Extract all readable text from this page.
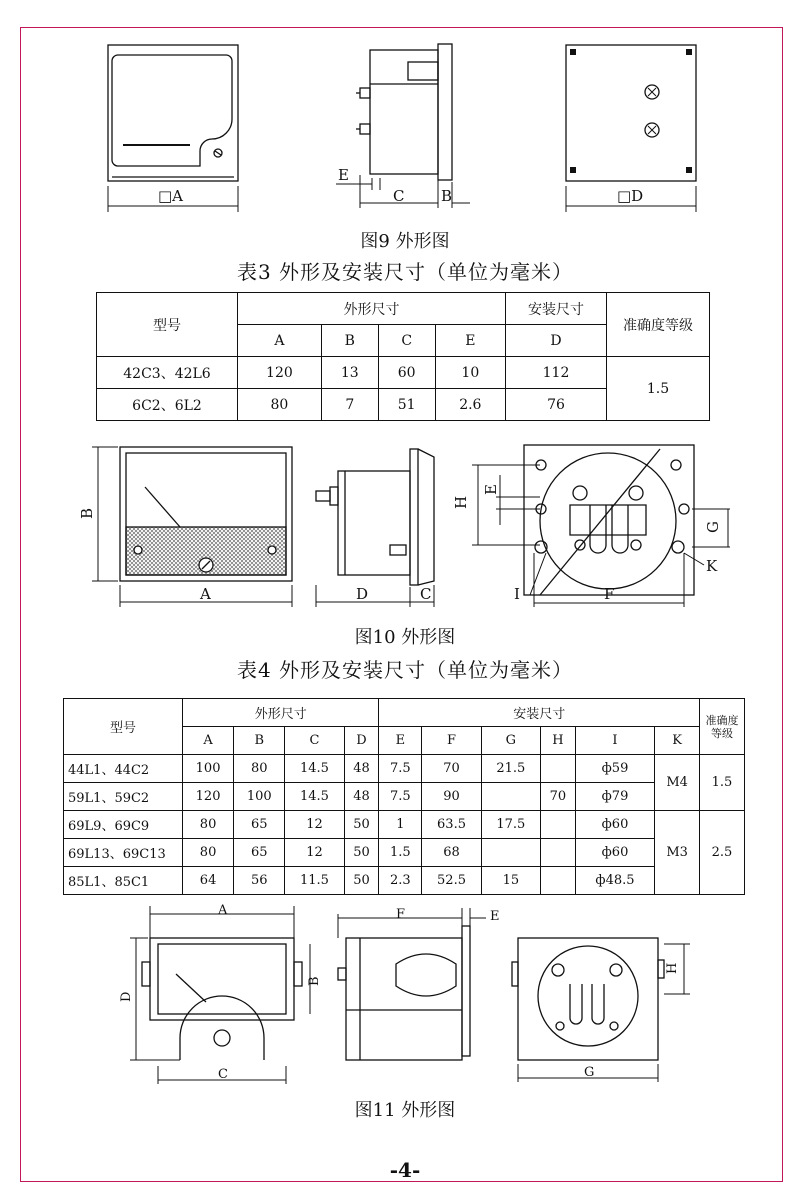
□A	B
C	□D
E
图9 外形图
表3 外形及安装尺寸（单位为毫米）
型号	外形尺寸				安装尺寸	准确度等级
	A	B	C	E	D	
42C3、42L6	120	13	60	10	112	1.5
6C2、6L2	80	7	51	2.6	76	
A
B
C
D
E
F
G
H
I
K
图10 外形图
表4 外形及安装尺寸（单位为毫米）
型号	外形尺寸				安装尺寸						准确度
等级

	A	B	C	D	E	F	G	H	I	K	
44L1、44C2	100	80	14.5	48	7.5	70	21.5		ф59	M4	1.5
59L1、59C2	120	100	14.5	48	7.5	90		70	ф79		
69L9、69C9	80	65	12	50	1	63.5	17.5		ф60	M3	2.5
69L13、69C13	80	65	12	50	1.5	68			ф60		
85L1、85C1	64	56	11.5	50	2.3	52.5	15		ф48.5		
A
B
C
D
E
F
G
H
图11 外形图
-4-
